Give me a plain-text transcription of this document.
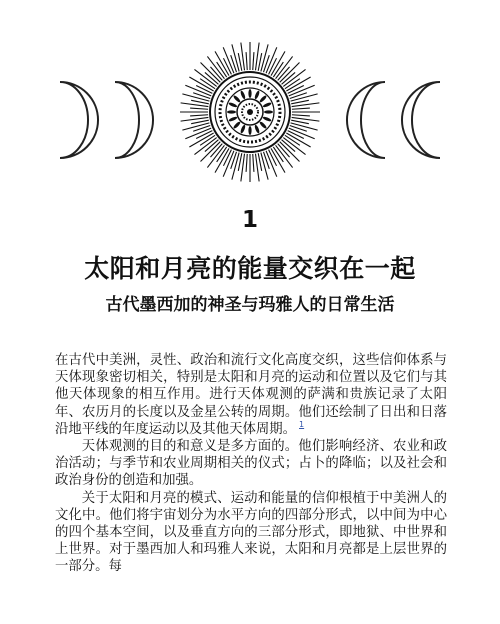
1
太阳和月亮的能量交织在一起
古代墨西加的神圣与玛雅人的日常生活

在古代中美洲，灵性、政治和流行文化高度交织，这些信仰体系与天体现象密切相关，特别是太阳和月亮的运动和位置以及它们与其他天体现象的相互作用。进行天体观测的萨满和贵族记录了太阳年、农历月的长度以及金星公转的周期。他们还绘制了日出和日落沿地平线的年度运动以及其他天体周期。 $^1$

天体观测的目的和意义是多方面的。他们影响经济、农业和政治活动；与季节和农业周期相关的仪式；占卜的降临；以及社会和政治身份的创造和加强。

关于太阳和月亮的模式、运动和能量的信仰根植于中美洲人的文化中。他们将宇宙划分为水平方向的四部分形式，以中间为中心的四个基本空间，以及垂直方向的三部分形式，即地狱、中世界和上世界。对于墨西加人和玛雅人来说，太阳和月亮都是上层世界的一部分。每
